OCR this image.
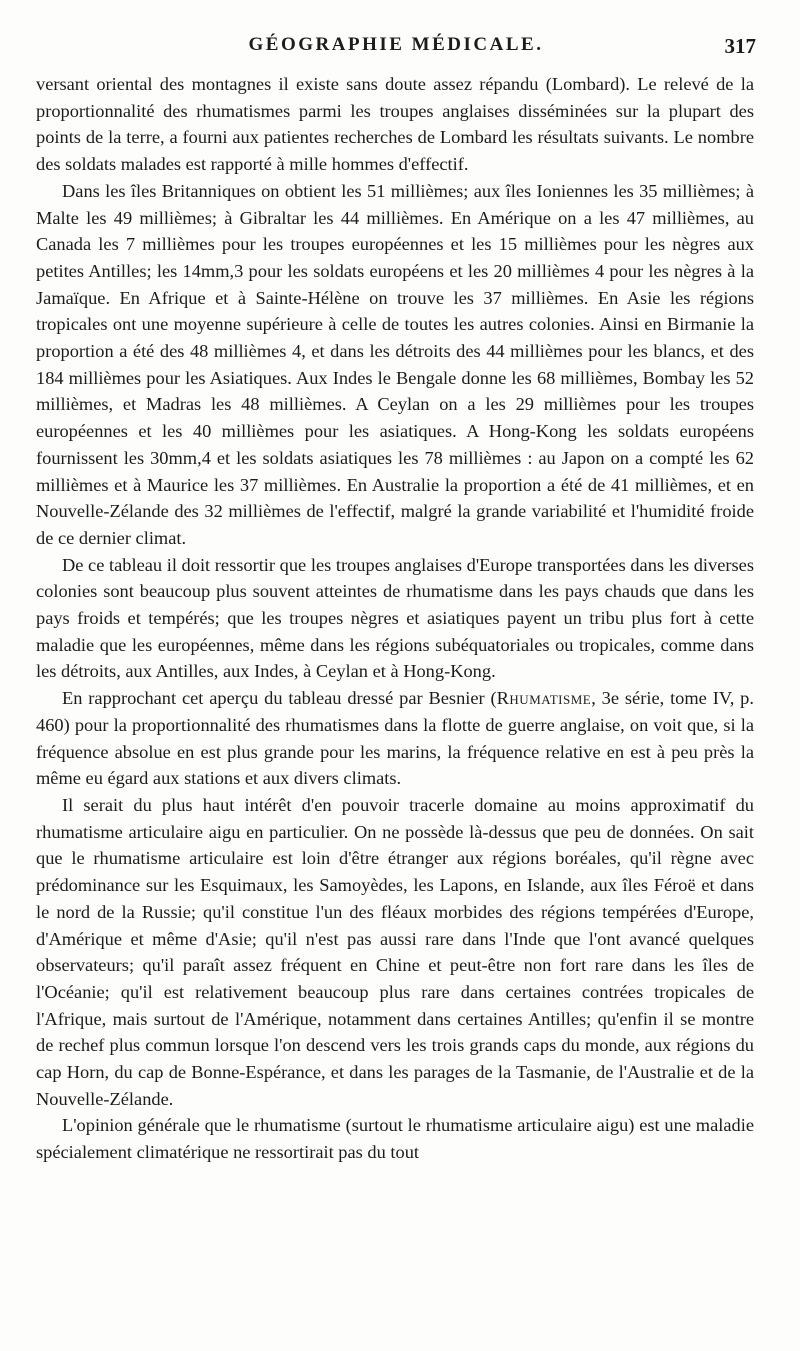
GÉOGRAPHIE MÉDICALE.	317

versant oriental des montagnes il existe sans doute assez répandu (Lombard). Le relevé de la proportionnalité des rhumatismes parmi les troupes anglaises disséminées sur la plupart des points de la terre, a fourni aux patientes recherches de Lombard les résultats suivants. Le nombre des soldats malades est rapporté à mille hommes d'effectif.

Dans les îles Britanniques on obtient les 51 millièmes; aux îles Ioniennes les 35 millièmes; à Malte les 49 millièmes; à Gibraltar les 44 millièmes. En Amérique on a les 47 millièmes, au Canada les 7 millièmes pour les troupes européennes et les 15 millièmes pour les nègres aux petites Antilles; les 14mm,3 pour les soldats européens et les 20 millièmes 4 pour les nègres à la Jamaïque. En Afrique et à Sainte-Hélène on trouve les 37 millièmes. En Asie les régions tropicales ont une moyenne supérieure à celle de toutes les autres colonies. Ainsi en Birmanie la proportion a été des 48 millièmes 4, et dans les détroits des 44 millièmes pour les blancs, et des 184 millièmes pour les Asiatiques. Aux Indes le Bengale donne les 68 millièmes, Bombay les 52 millièmes, et Madras les 48 millièmes. A Ceylan on a les 29 millièmes pour les troupes européennes et les 40 millièmes pour les asiatiques. A Hong-Kong les soldats européens fournissent les 30mm,4 et les soldats asiatiques les 78 millièmes : au Japon on a compté les 62 millièmes et à Maurice les 37 millièmes. En Australie la proportion a été de 41 millièmes, et en Nouvelle-Zélande des 32 millièmes de l'effectif, malgré la grande variabilité et l'humidité froide de ce dernier climat.

De ce tableau il doit ressortir que les troupes anglaises d'Europe transportées dans les diverses colonies sont beaucoup plus souvent atteintes de rhumatisme dans les pays chauds que dans les pays froids et tempérés; que les troupes nègres et asiatiques payent un tribu plus fort à cette maladie que les européennes, même dans les régions subéquatoriales ou tropicales, comme dans les détroits, aux Antilles, aux Indes, à Ceylan et à Hong-Kong.

En rapprochant cet aperçu du tableau dressé par Besnier (Rhumatisme, 3e série, tome IV, p. 460) pour la proportionnalité des rhumatismes dans la flotte de guerre anglaise, on voit que, si la fréquence absolue en est plus grande pour les marins, la fréquence relative en est à peu près la même eu égard aux stations et aux divers climats.

Il serait du plus haut intérêt d'en pouvoir tracerle domaine au moins approximatif du rhumatisme articulaire aigu en particulier. On ne possède là-dessus que peu de données. On sait que le rhumatisme articulaire est loin d'être étranger aux régions boréales, qu'il règne avec prédominance sur les Esquimaux, les Samoyèdes, les Lapons, en Islande, aux îles Féroë et dans le nord de la Russie; qu'il constitue l'un des fléaux morbides des régions tempérées d'Europe, d'Amérique et même d'Asie; qu'il n'est pas aussi rare dans l'Inde que l'ont avancé quelques observateurs; qu'il paraît assez fréquent en Chine et peut-être non fort rare dans les îles de l'Océanie; qu'il est relativement beaucoup plus rare dans certaines contrées tropicales de l'Afrique, mais surtout de l'Amérique, notamment dans certaines Antilles; qu'enfin il se montre de rechef plus commun lorsque l'on descend vers les trois grands caps du monde, aux régions du cap Horn, du cap de Bonne-Espérance, et dans les parages de la Tasmanie, de l'Australie et de la Nouvelle-Zélande.

L'opinion générale que le rhumatisme (surtout le rhumatisme articulaire aigu) est une maladie spécialement climatérique ne ressortirait pas du tout
